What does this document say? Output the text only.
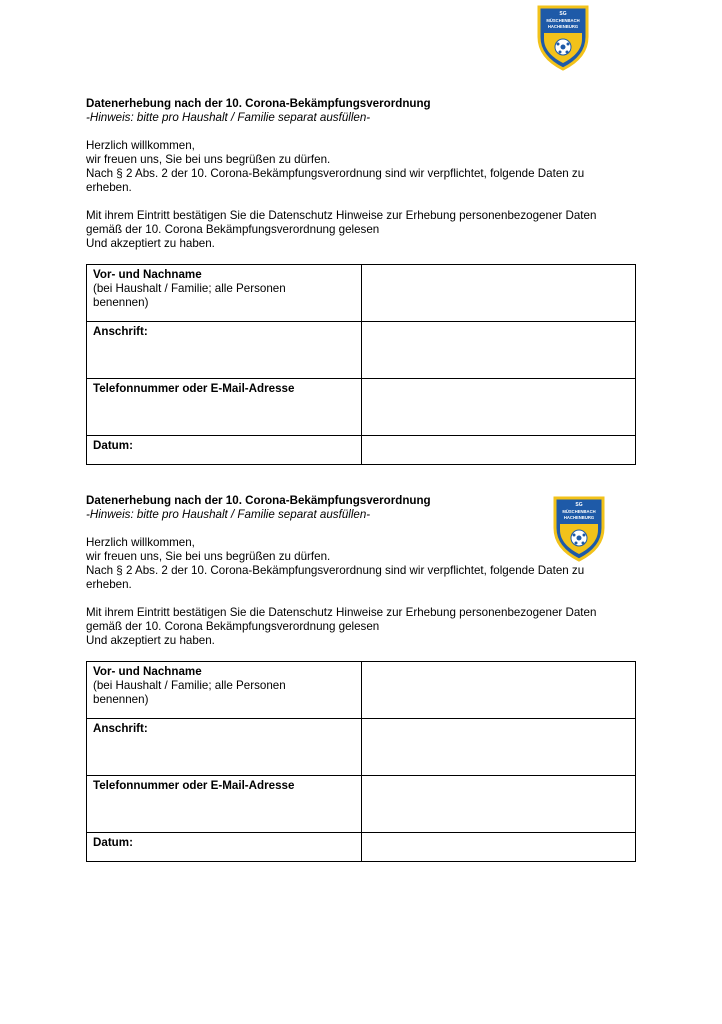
SG
MÜSCHENBACH
HACHENBURG

Datenerhebung nach der 10. Corona-Bekämpfungsverordnung

-Hinweis: bitte pro Haushalt / Familie separat ausfüllen-

Herzlich willkommen,

wir freuen uns, Sie bei uns begrüßen zu dürfen.

Nach § 2 Abs. 2 der 10. Corona-Bekämpfungsverordnung sind wir verpflichtet, folgende Daten zu

erheben.

Mit ihrem Eintritt bestätigen Sie die Datenschutz Hinweise zur Erhebung personenbezogener Daten

gemäß der 10. Corona Bekämpfungsverordnung gelesen

Und akzeptiert zu haben.

Vor- und Nachname
(bei Haushalt / Familie; alle Personen
benennen)	

Anschrift:	

Telefonnummer oder E-Mail-Adresse	

Datum:	

SG
MÜSCHENBACH
HACHENBURG

Datenerhebung nach der 10. Corona-Bekämpfungsverordnung

-Hinweis: bitte pro Haushalt / Familie separat ausfüllen-

Herzlich willkommen,

wir freuen uns, Sie bei uns begrüßen zu dürfen.

Nach § 2 Abs. 2 der 10. Corona-Bekämpfungsverordnung sind wir verpflichtet, folgende Daten zu

erheben.

Mit ihrem Eintritt bestätigen Sie die Datenschutz Hinweise zur Erhebung personenbezogener Daten

gemäß der 10. Corona Bekämpfungsverordnung gelesen

Und akzeptiert zu haben.

Vor- und Nachname
(bei Haushalt / Familie; alle Personen
benennen)	

Anschrift:	

Telefonnummer oder E-Mail-Adresse	

Datum:	
